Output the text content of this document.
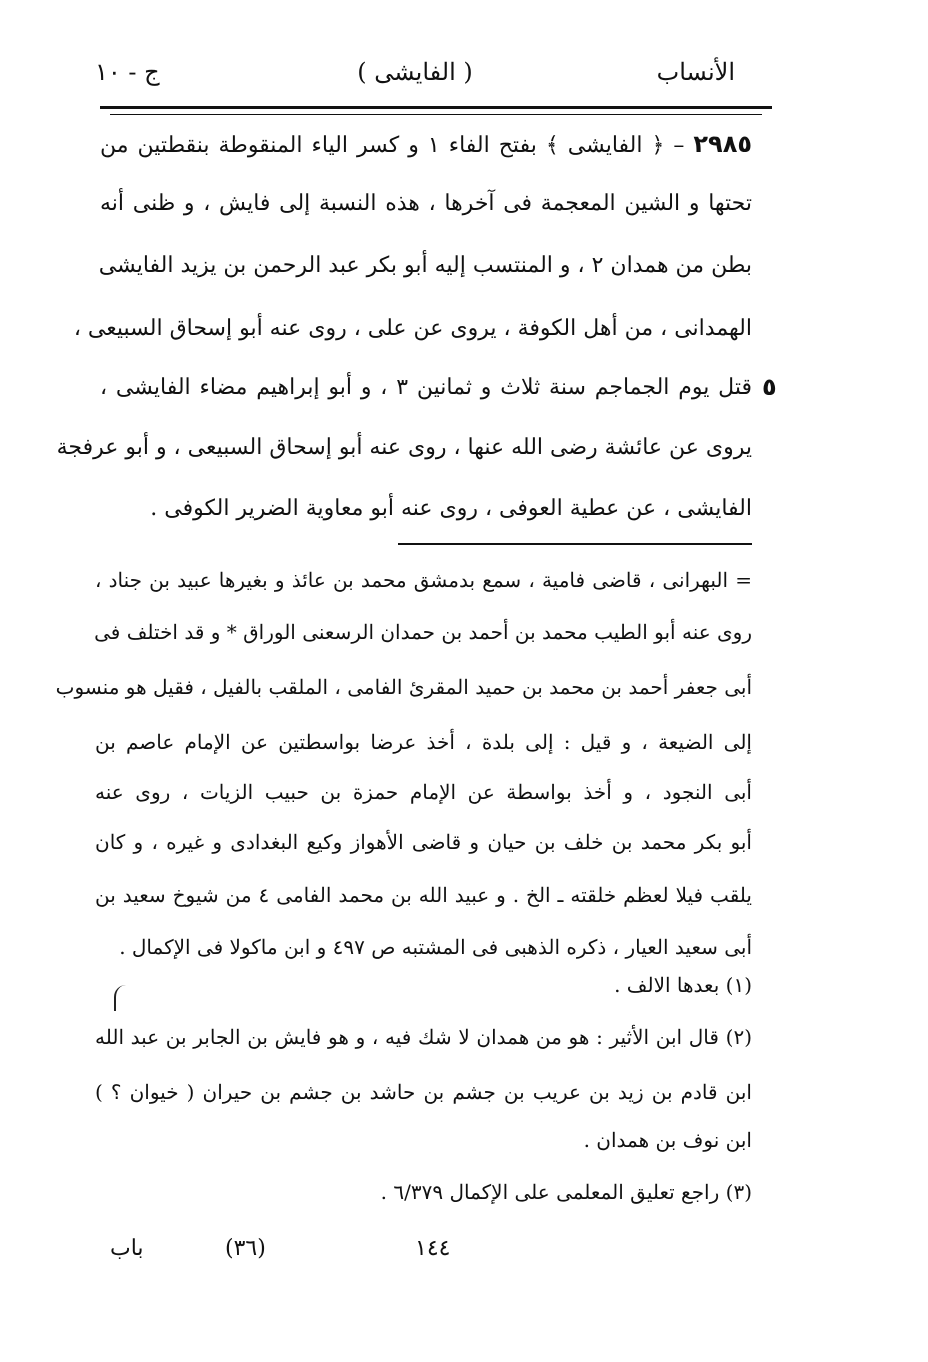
الأنساب
( الفايشى )
ج - ١٠
٢٩٨٥ – ﴿ الفايشى ﴾ بفتح الفاء ١ و كسر الياء المنقوطة بنقطتين من
تحتها و الشين المعجمة فى آخرها ، هذه النسبة إلى فايش ، و ظنى أنه
بطن من همدان ٢ ، و المنتسب إليه أبو بكر عبد الرحمن بن يزيد الفايشى
الهمدانى ، من أهل الكوفة ، يروى عن على ، روى عنه أبو إسحاق السبيعى ،
قتل يوم الجماجم سنة ثلاث و ثمانين ٣ ، و أبو إبراهيم مضاء الفايشى ،
يروى عن عائشة رضى الله عنها ، روى عنه أبو إسحاق السبيعى ، و أبو عرفجة
الفايشى ، عن عطية العوفى ، روى عنه أبو معاوية الضرير الكوفى .
٥
= البهرانى ، قاضى فامية ، سمع بدمشق محمد بن عائذ و بغيرها عبيد بن جناد ،
روى عنه أبو الطيب محمد بن أحمد بن حمدان الرسعنى الوراق * و قد اختلف فى
أبى جعفر أحمد بن محمد بن حميد المقرئ الفامى ، الملقب بالفيل ، فقيل هو منسوب
إلى الضيعة ، و قيل : إلى بلدة ، أخذ عرضا بواسطتين عن الإمام عاصم بن
أبى النجود ، و أخذ بواسطة عن الإمام حمزة بن حبيب الزيات ، روى عنه
أبو بكر محمد بن خلف بن حيان و قاضى الأهواز وكيع البغدادى و غيره ، و كان
يلقب فيلا لعظم خلقته ـ الخ . و عبيد الله بن محمد الفامى ٤ من شيوخ سعيد بن
أبى سعيد العيار ، ذكره الذهبى فى المشتبه ص ٤٩٧ و ابن ماكولا فى الإكمال .
(١) بعدها الالف .
(٢) قال ابن الأثير : هو من همدان لا شك فيه ، و هو فايش بن الجابر بن عبد الله
ابن قادم بن زيد بن عريب بن جشم بن حاشد بن جشم بن حيران ( خيوان ؟ )
ابن نوف بن همدان .
(٣) راجع تعليق المعلمى على الإكمال ٦/٣٧٩ .
باب	(٣٦)	١٤٤
